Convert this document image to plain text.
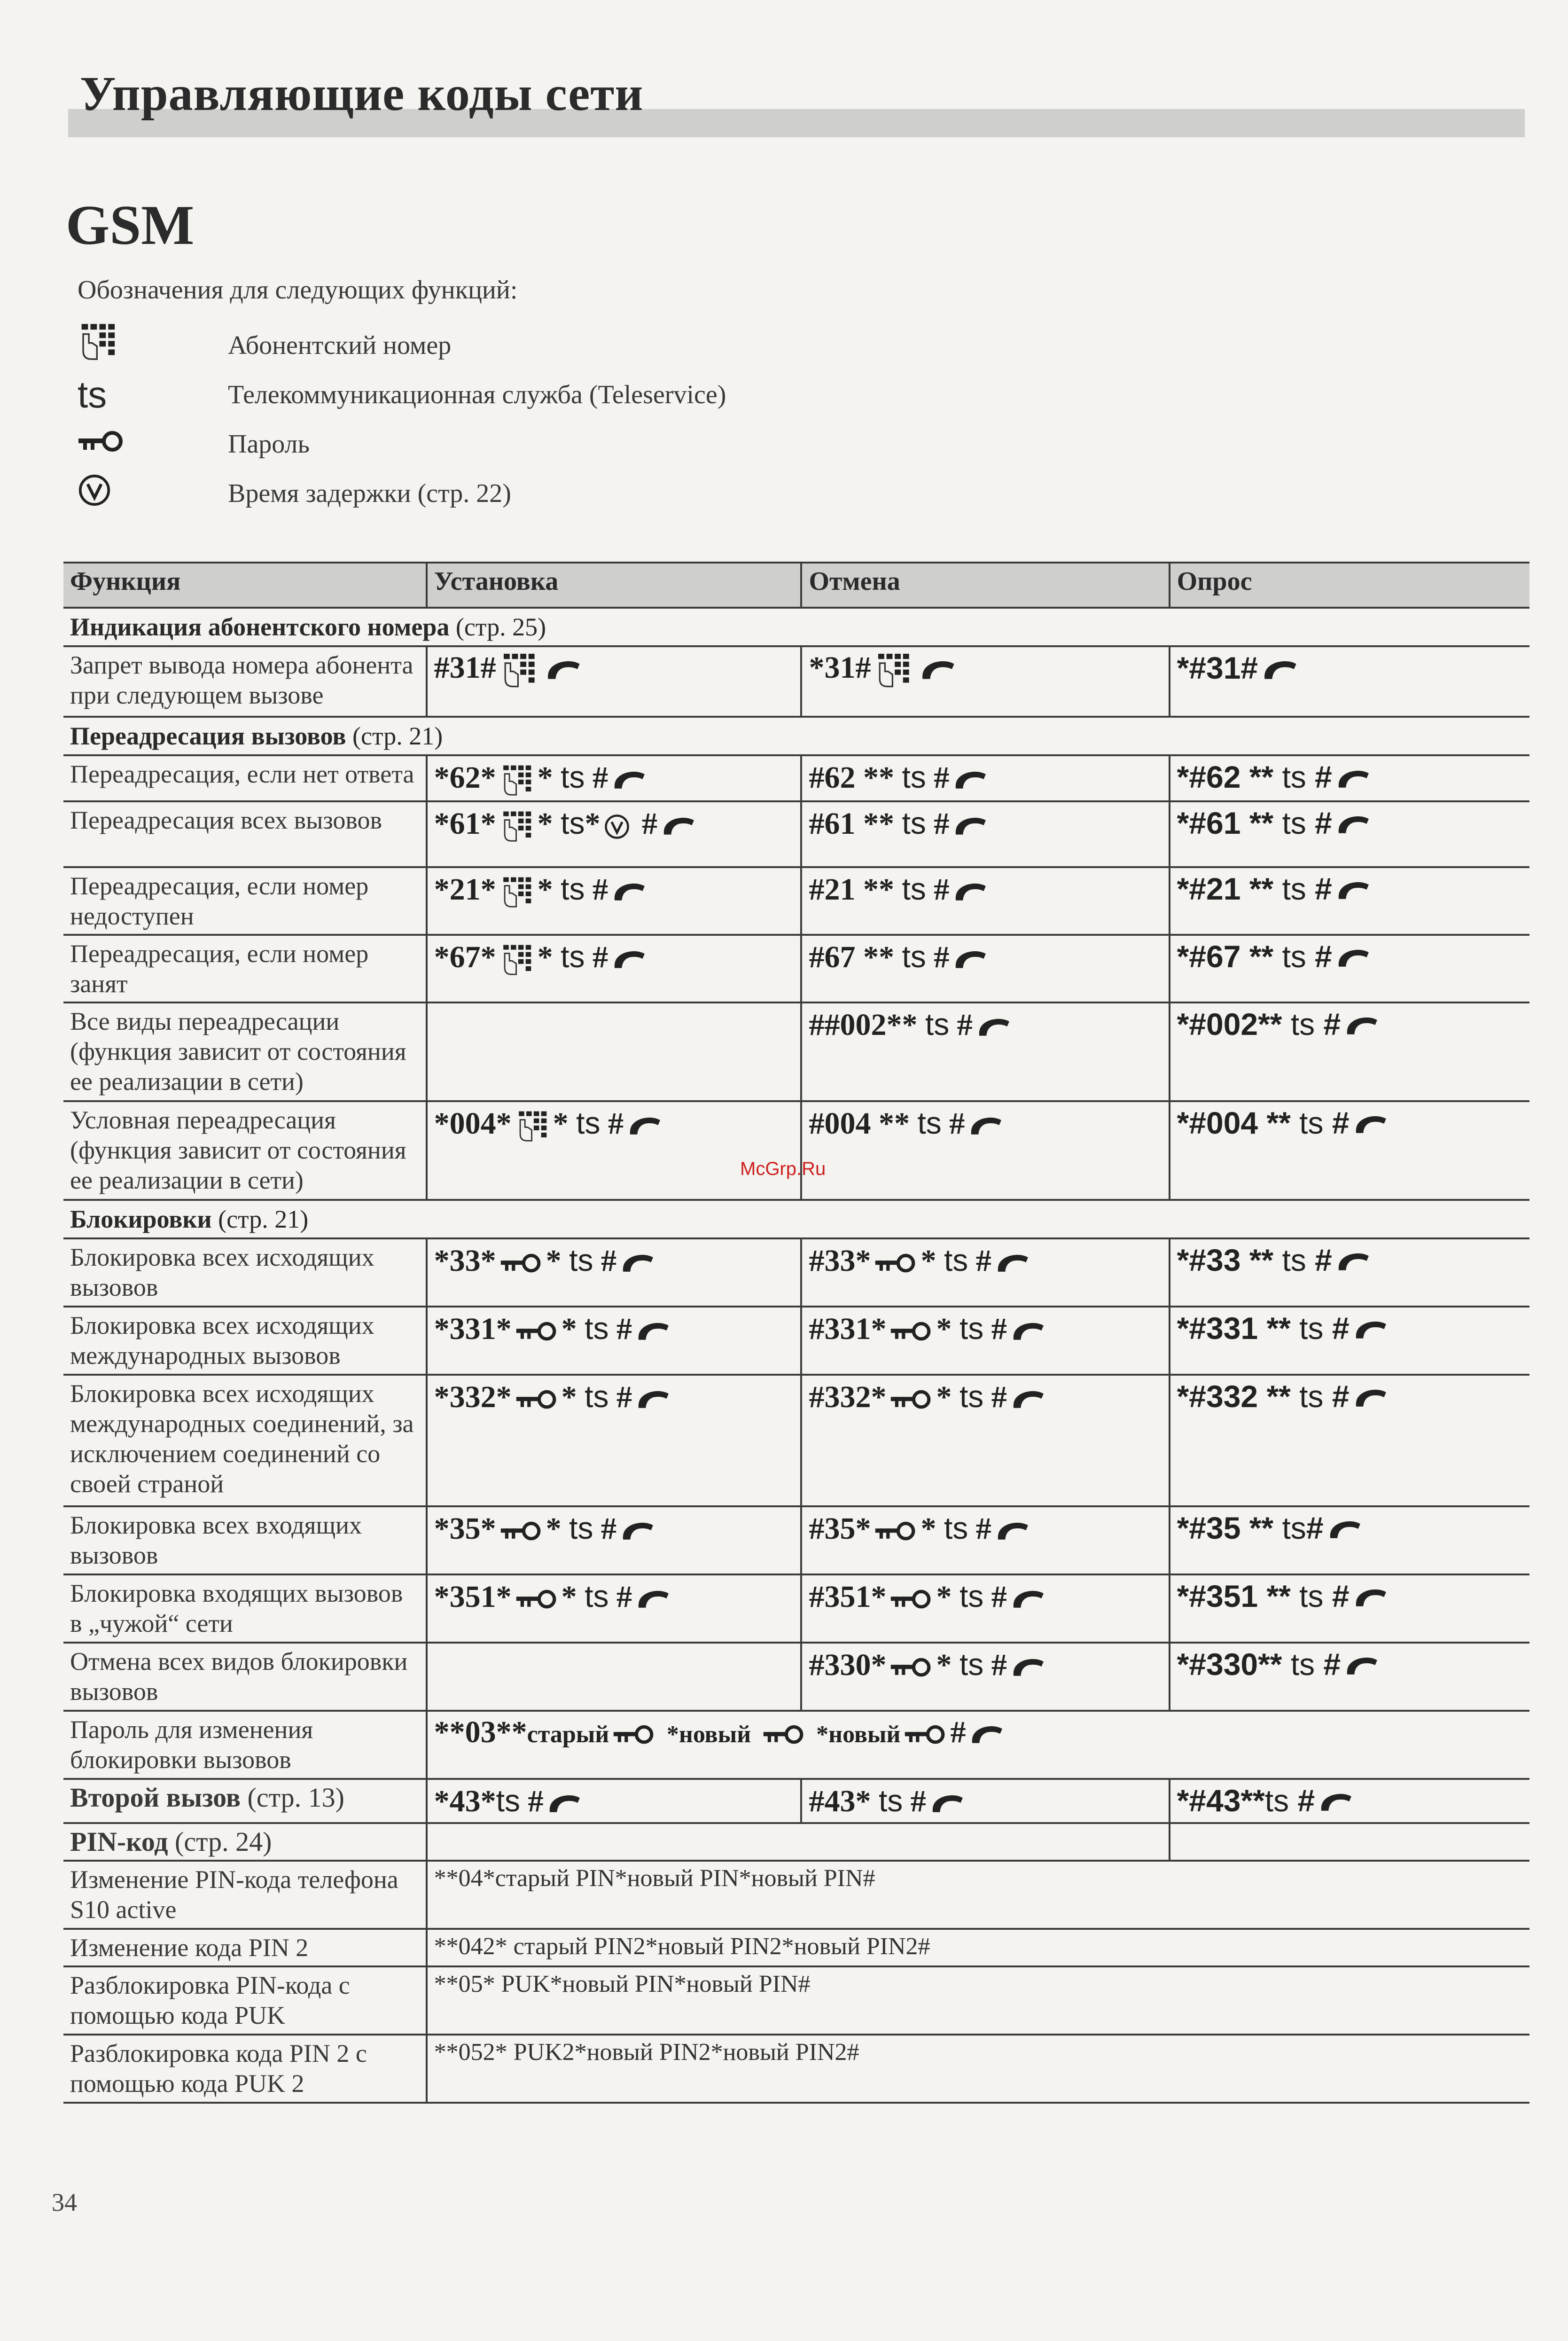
Управляющие коды сети
GSM
Обозначения для следующих функций:
Абонентский номер
ts	Телекоммуникационная служба (Teleservice)
Пароль
Время задержки (стр. 22)
Функция	Установка	Отмена	Опрос
Индикация абонентского номера (стр. 25)			
Запрет вывода номера абонента при следующем вызове	#31#	*31#	*#31#
Переадресация вызовов (стр. 21)			
Переадресация, если нет ответа	*62* * ts #	#62 ** ts #	*#62 ** ts #
Переадресация всех вызовов	*61* * ts* #	#61 ** ts #	*#61 ** ts #
Переадресация, если номер недоступен	*21* * ts #	#21 ** ts #	*#21 ** ts #
Переадресация, если номер занят	*67* * ts #	#67 ** ts #	*#67 ** ts #
Все виды переадресации (функция зависит от состояния ее реализации в сети)		##002** ts #	*#002** ts #
Условная переадресация (функция зависит от состояния ее реализации в сети)	*004* * ts #	#004 ** ts #	*#004 ** ts #
Блокировки (стр. 21)			
Блокировка всех исходящих вызовов	*33* * ts #	#33* * ts #	*#33 ** ts #
Блокировка всех исходящих международных вызовов	*331* * ts #	#331* * ts #	*#331 ** ts #
Блокировка всех исходящих международных соединений, за исключением соединений со своей страной	*332* * ts #	#332* * ts #	*#332 ** ts #
Блокировка всех входящих вызовов	*35* * ts #	#35* * ts #	*#35 ** ts#
Блокировка входящих вызовов в „чужой“ сети	*351* * ts #	#351* * ts #	*#351 ** ts #
Отмена всех видов блокировки вызовов		#330* * ts #	*#330** ts #
Пароль для изменения блокировки вызовов	**03**старый *новый *новый #		
Второй вызов (стр. 13)	*43*ts #	#43* ts #	*#43**ts #
PIN-код (стр. 24)			
Изменение PIN-кода телефона S10 active	**04*старый PIN*новый PIN*новый PIN#		
Изменение кода PIN 2	**042* старый PIN2*новый PIN2*новый PIN2#		
Разблокировка PIN-кода с помощью кода PUK	**05* PUK*новый PIN*новый PIN#		
Разблокировка кода PIN 2 с помощью кода PUK 2	**052* PUK2*новый PIN2*новый PIN2#		
McGrp.Ru
34
